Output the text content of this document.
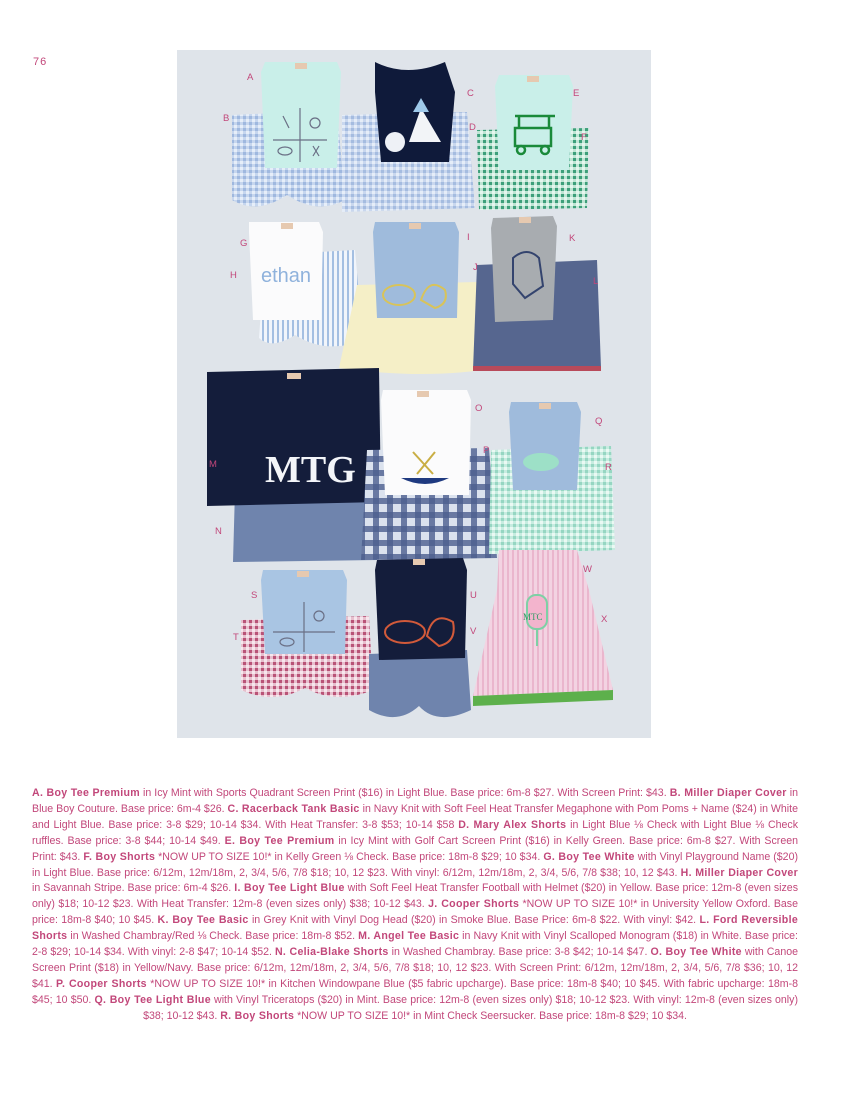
76
ethan
MTG
MTC
A
B
C
D
E
F
G
H
I
J
K
L
M
N
O
P
Q
R
S
T
U
V
W
X
A. Boy Tee Premium in Icy Mint with Sports Quadrant Screen Print ($16) in Light Blue. Base price: 6m-8 $27. With Screen Print: $43. B. Miller Diaper Cover in Blue Boy Couture. Base price: 6m-4 $26. C. Racerback Tank Basic in Navy Knit with Soft Feel Heat Transfer Megaphone with Pom Poms + Name ($24) in White and Light Blue. Base price: 3-8 $29; 10-14 $34. With Heat Transfer: 3-8 $53; 10-14 $58 D. Mary Alex Shorts in Light Blue ⅛ Check with Light Blue ⅛ Check ruffles. Base price: 3-8 $44; 10-14 $49. E. Boy Tee Premium in Icy Mint with Golf Cart Screen Print ($16) in Kelly Green. Base price: 6m-8 $27. With Screen Print: $43. F. Boy Shorts *NOW UP TO SIZE 10!* in Kelly Green ⅛ Check. Base price: 18m-8 $29; 10 $34. G. Boy Tee White with Vinyl Playground Name ($20) in Light Blue. Base price: 6/12m, 12m/18m, 2, 3/4, 5/6, 7/8 $18; 10, 12 $23. With vinyl: 6/12m, 12m/18m, 2, 3/4, 5/6, 7/8 $38; 10, 12 $43. H. Miller Diaper Cover in Savannah Stripe. Base price: 6m-4 $26. I. Boy Tee Light Blue with Soft Feel Heat Transfer Football with Helmet ($20) in Yellow. Base price: 12m-8 (even sizes only) $18; 10-12 $23. With Heat Transfer: 12m-8 (even sizes only) $38; 10-12 $43. J. Cooper Shorts *NOW UP TO SIZE 10!* in University Yellow Oxford. Base price: 18m-8 $40; 10 $45. K. Boy Tee Basic in Grey Knit with Vinyl Dog Head ($20) in Smoke Blue. Base Price: 6m-8 $22. With vinyl: $42. L. Ford Reversible Shorts in Washed Chambray/Red ⅛ Check. Base price: 18m-8 $52. M. Angel Tee Basic in Navy Knit with Vinyl Scalloped Monogram ($18) in White. Base price: 2-8 $29; 10-14 $34. With vinyl: 2-8 $47; 10-14 $52. N. Celia-Blake Shorts in Washed Chambray. Base price: 3-8 $42; 10-14 $47. O. Boy Tee White with Canoe Screen Print ($18) in Yellow/Navy. Base price: 6/12m, 12m/18m, 2, 3/4, 5/6, 7/8 $18; 10, 12 $23. With Screen Print: 6/12m, 12m/18m, 2, 3/4, 5/6, 7/8 $36; 10, 12 $41. P. Cooper Shorts *NOW UP TO SIZE 10!* in Kitchen Windowpane Blue ($5 fabric upcharge). Base price: 18m-8 $40; 10 $45. With fabric upcharge: 18m-8 $45; 10 $50. Q. Boy Tee Light Blue with Vinyl Triceratops ($20) in Mint. Base price: 12m-8 (even sizes only) $18; 10-12 $23. With vinyl: 12m-8 (even sizes only) $38; 10-12 $43. R. Boy Shorts *NOW UP TO SIZE 10!* in Mint Check Seersucker. Base price: 18m-8 $29; 10 $34.
